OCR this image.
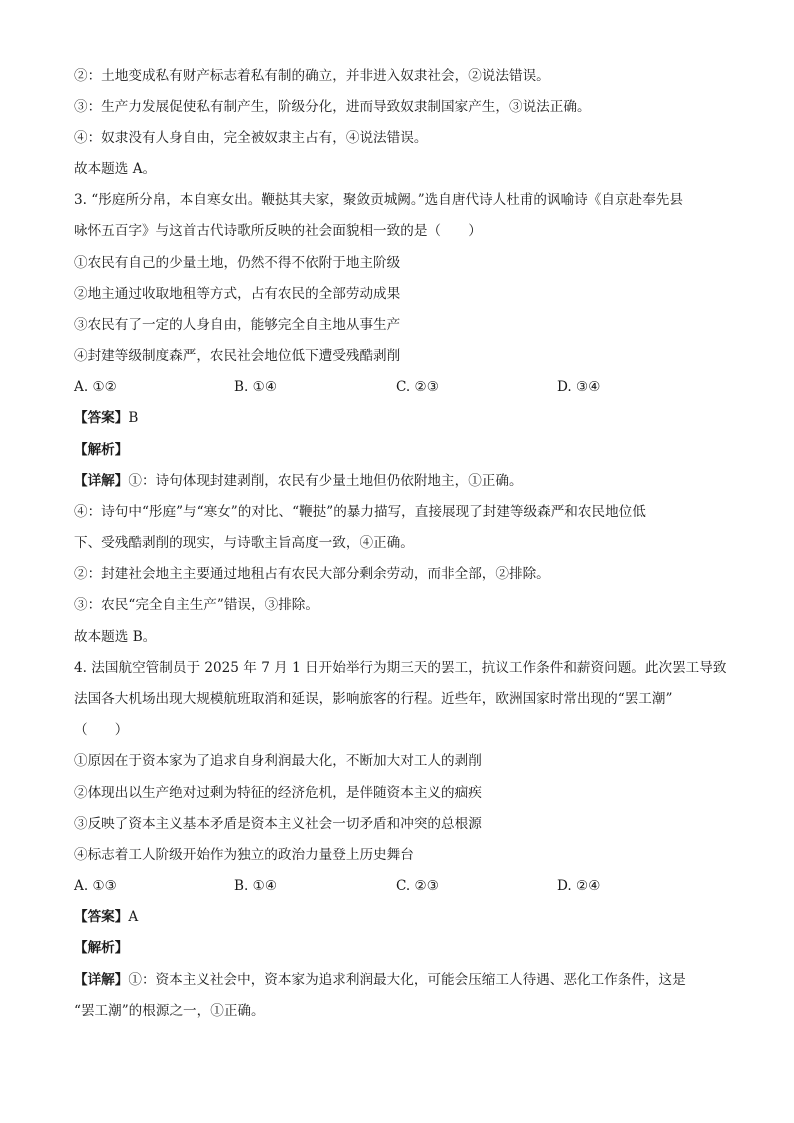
②：土地变成私有财产标志着私有制的确立，并非进入奴隶社会，②说法错误。
③：生产力发展促使私有制产生，阶级分化，进而导致奴隶制国家产生，③说法正确。
④：奴隶没有人身自由，完全被奴隶主占有，④说法错误。
故本题选 A。
3. “彤庭所分帛，本自寒女出。鞭挞其夫家，聚敛贡城阙。”选自唐代诗人杜甫的讽喻诗《自京赴奉先县
咏怀五百字》与这首古代诗歌所反映的社会面貌相一致的是（　　）
①农民有自己的少量土地，仍然不得不依附于地主阶级
②地主通过收取地租等方式，占有农民的全部劳动成果
③农民有了一定的人身自由，能够完全自主地从事生产
④封建等级制度森严，农民社会地位低下遭受残酷剥削
A. ①②	B. ①④	C. ②③	D. ③④
【答案】B
【解析】
【详解】①：诗句体现封建剥削，农民有少量土地但仍依附地主，①正确。
④：诗句中“彤庭”与“寒女”的对比、“鞭挞”的暴力描写，直接展现了封建等级森严和农民地位低
下、受残酷剥削的现实，与诗歌主旨高度一致，④正确。
②：封建社会地主主要通过地租占有农民大部分剩余劳动，而非全部，②排除。
③：农民“完全自主生产”错误，③排除。
故本题选 B。
4. 法国航空管制员于 2025 年 7 月 1 日开始举行为期三天的罢工，抗议工作条件和薪资问题。此次罢工导致
法国各大机场出现大规模航班取消和延误，影响旅客的行程。近些年，欧洲国家时常出现的“罢工潮”
（　　）
①原因在于资本家为了追求自身利润最大化，不断加大对工人的剥削
②体现出以生产绝对过剩为特征的经济危机，是伴随资本主义的痼疾
③反映了资本主义基本矛盾是资本主义社会一切矛盾和冲突的总根源
④标志着工人阶级开始作为独立的政治力量登上历史舞台
A. ①③	B. ①④	C. ②③	D. ②④
【答案】A
【解析】
【详解】①：资本主义社会中，资本家为追求利润最大化，可能会压缩工人待遇、恶化工作条件，这是
“罢工潮”的根源之一，①正确。
